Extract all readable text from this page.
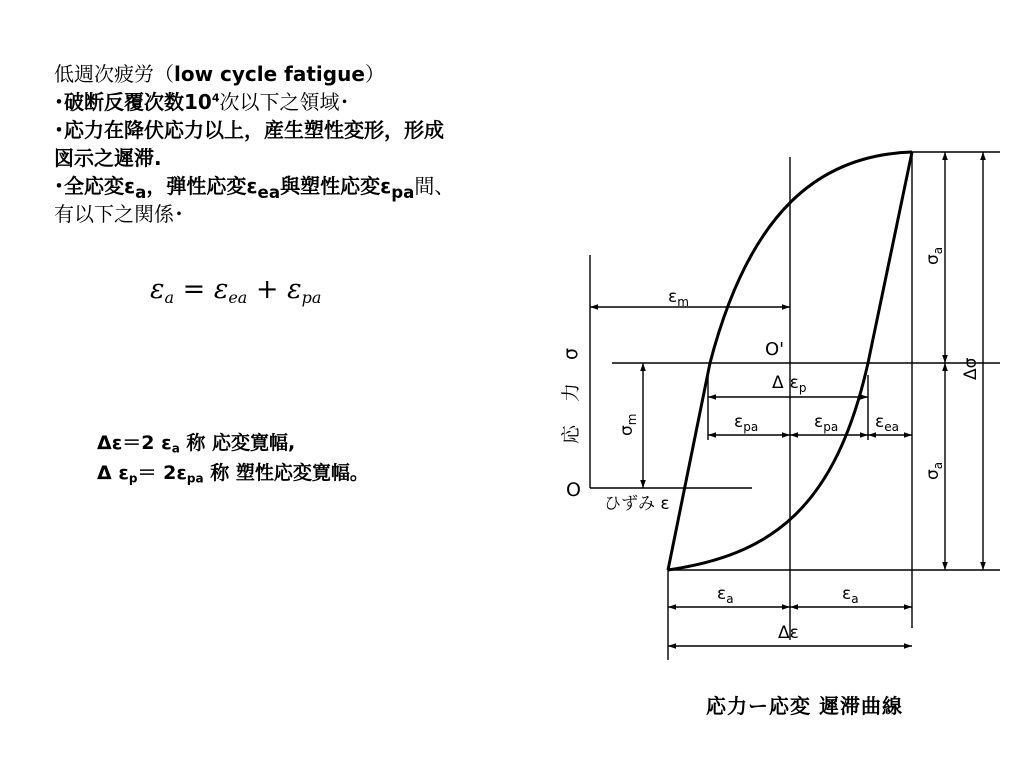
低週次疲労（low cycle fatigue）
･破断反覆次数$10^4$次以下之領域･
･応力在降伏応力以上，産生塑性変形，形成
図示之遲滞.
･全応変$\varepsilon_a$，弾性応変$\varepsilon_{ea}$與塑性応変$\varepsilon_{pa}$間、
有以下之関係･
$\varepsilon_a = \varepsilon_{ea} + \varepsilon_{pa}$
Δε＝2 $\varepsilon_a$ 称 応変寛幅,
Δ $\varepsilon_p= 2\varepsilon_{pa}$ 称 塑性応変寛幅。
$\varepsilon_m$
O'
Δ $\varepsilon_p$
$\varepsilon_{pa}$	$\varepsilon_{pa}$ $\varepsilon_{ea}$
$\varepsilon_a$	$\varepsilon_a$
Δε
$\sigma_m$
$\sigma_a$
$\sigma_a$
Δσ
σ
力
応
O
ひずみ ε
応力ー応変 遲滞曲線
